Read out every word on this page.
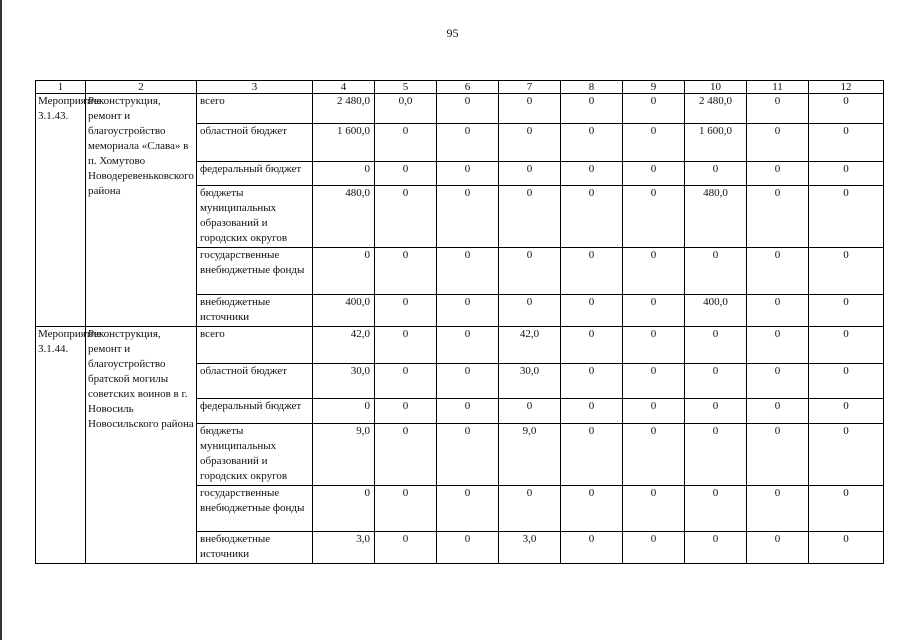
95
1	2	3	4	5	6	7	8	9	10	11	12
Мероприятие 3.1.43.	Реконструкция, ремонт и благоустройство мемориала «Слава» в п. Хомутово Новодеревеньковского района	всего	2 480,0	0,0	0	0	0	0	2 480,0	0	0
		областной бюджет	1 600,0	0	0	0	0	0	1 600,0	0	0
		федеральный бюджет	0	0	0	0	0	0	0	0	0
		бюджеты муниципальных образований и городских округов	480,0	0	0	0	0	0	480,0	0	0
		государственные внебюджетные фонды	0	0	0	0	0	0	0	0	0
		внебюджетные источники	400,0	0	0	0	0	0	400,0	0	0
Мероприятие 3.1.44.	Реконструкция, ремонт и благоустройство братской могилы советских воинов в г. Новосиль Новосильского района	всего	42,0	0	0	42,0	0	0	0	0	0
		областной бюджет	30,0	0	0	30,0	0	0	0	0	0
		федеральный бюджет	0	0	0	0	0	0	0	0	0
		бюджеты муниципальных образований и городских округов	9,0	0	0	9,0	0	0	0	0	0
		государственные внебюджетные фонды	0	0	0	0	0	0	0	0	0
		внебюджетные источники	3,0	0	0	3,0	0	0	0	0	0
